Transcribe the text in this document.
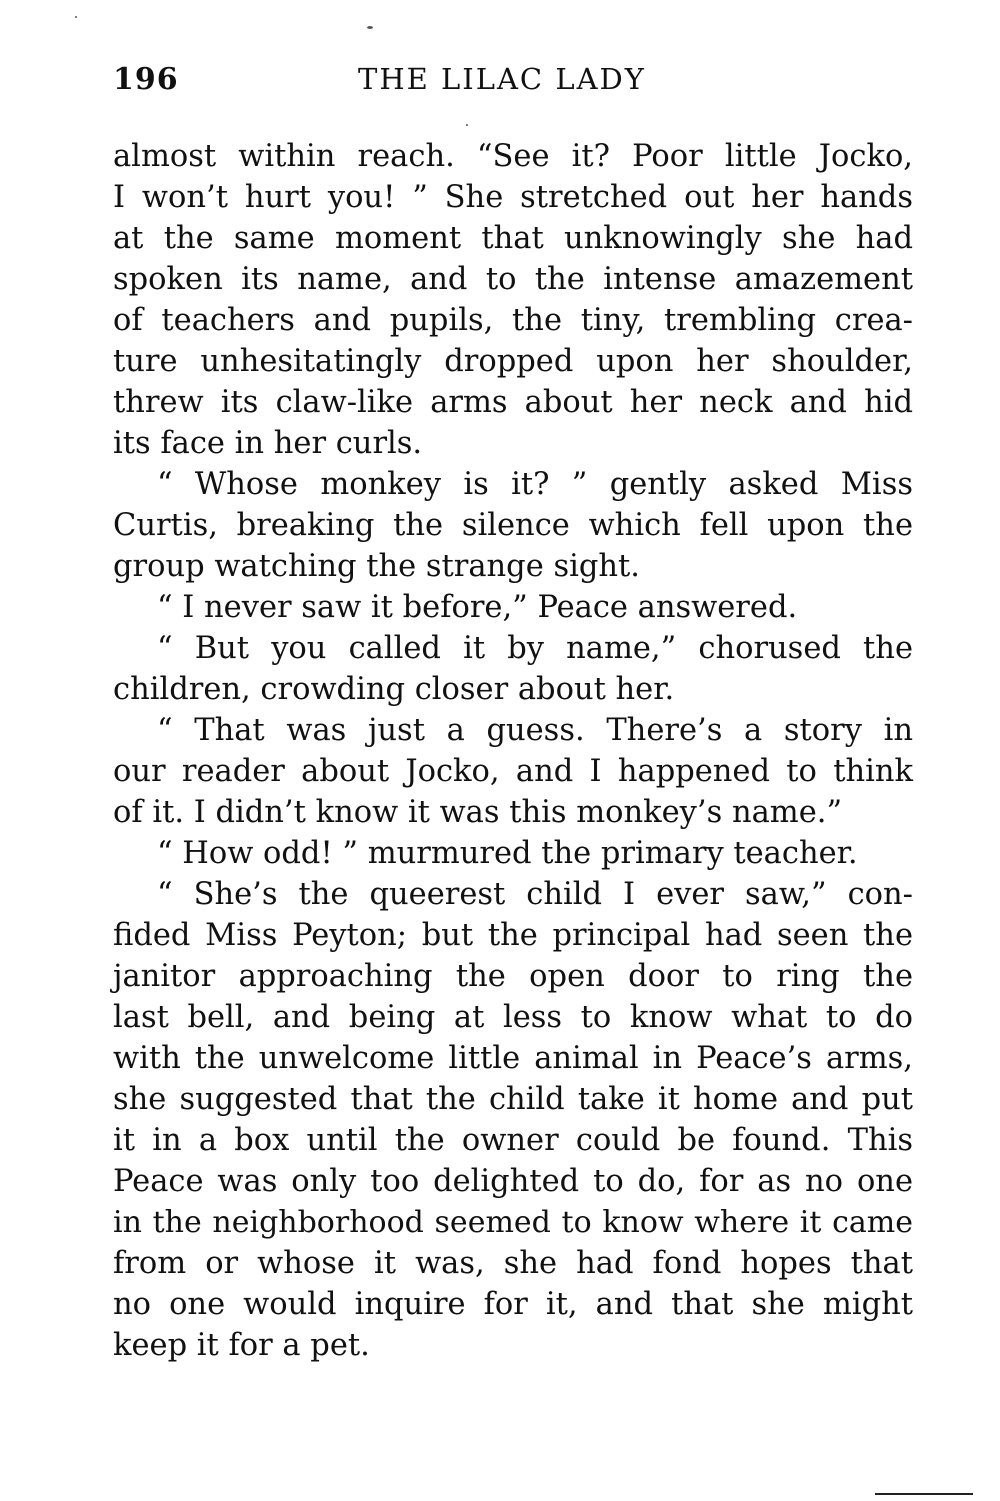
196	THE LILAC LADY
almost within reach. “See it? Poor little Jocko,
I won’t hurt you! ” She stretched out her hands
at the same moment that unknowingly she had
spoken its name, and to the intense amazement
of teachers and pupils, the tiny, trembling crea-
ture unhesitatingly dropped upon her shoulder,
threw its claw-like arms about her neck and hid
its face in her curls.
“ Whose monkey is it? ” gently asked Miss
Curtis, breaking the silence which fell upon the
group watching the strange sight.
“ I never saw it before,” Peace answered.
“ But you called it by name,” chorused the
children, crowding closer about her.
“ That was just a guess. There’s a story in
our reader about Jocko, and I happened to think
of it. I didn’t know it was this monkey’s name.”
“ How odd! ” murmured the primary teacher.
“ She’s the queerest child I ever saw,” con-
fided Miss Peyton; but the principal had seen the
janitor approaching the open door to ring the
last bell, and being at less to know what to do
with the unwelcome little animal in Peace’s arms,
she suggested that the child take it home and put
it in a box until the owner could be found. This
Peace was only too delighted to do, for as no one
in the neighborhood seemed to know where it came
from or whose it was, she had fond hopes that
no one would inquire for it, and that she might
keep it for a pet.
